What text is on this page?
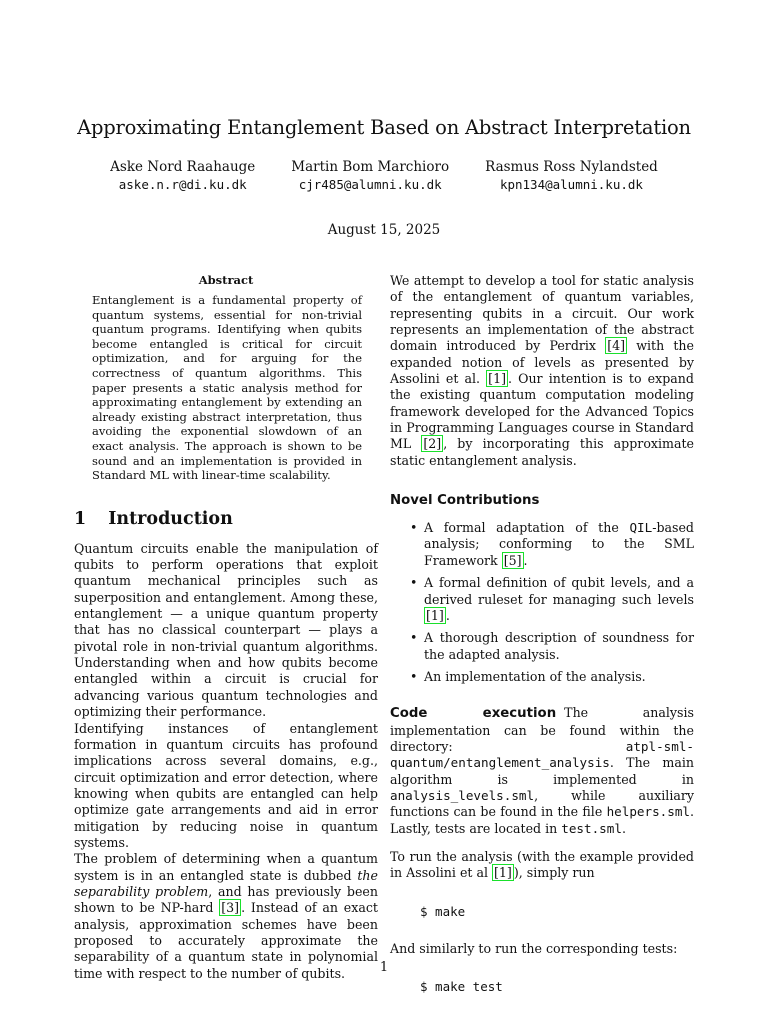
Approximating Entanglement Based on Abstract Interpretation
Aske Nord Raahauge
aske.n.r@di.ku.dk
Martin Bom Marchioro
cjr485@alumni.ku.dk
Rasmus Ross Nylandsted
kpn134@alumni.ku.dk
August 15, 2025
Abstract

Entanglement is a fundamental property of quantum systems, essential for non-trivial quantum programs. Identifying when qubits become entangled is critical for circuit optimization, and for arguing for the correctness of quantum algorithms. This paper presents a static analysis method for approximating entanglement by extending an already existing abstract interpretation, thus avoiding the exponential slowdown of an exact analysis. The approach is shown to be sound and an implementation is provided in Standard ML with linear-time scalability.

1 Introduction

Quantum circuits enable the manipulation of qubits to perform operations that exploit quantum mechanical principles such as superposition and entanglement. Among these, entanglement — a unique quantum property that has no classical counterpart — plays a pivotal role in non-trivial quantum algorithms. Understanding when and how qubits become entangled within a circuit is crucial for advancing various quantum technologies and optimizing their performance.

Identifying instances of entanglement formation in quantum circuits has profound implications across several domains, e.g., circuit optimization and error detection, where knowing when qubits are entangled can help optimize gate arrangements and aid in error mitigation by reducing noise in quantum systems.

The problem of determining when a quantum system is in an entangled state is dubbed the separability problem, and has previously been shown to be NP-hard [3] . Instead of an exact analysis, approximation schemes have been proposed to accurately approximate the separability of a quantum state in polynomial time with respect to the number of qubits.

We attempt to develop a tool for static analysis of the entanglement of quantum variables, representing qubits in a circuit. Our work represents an implementation of the abstract domain introduced by Perdrix [4] with the expanded notion of levels as presented by Assolini et al. [1] . Our intention is to expand the existing quantum computation modeling framework developed for the Advanced Topics in Programming Languages course in Standard ML [2] , by incorporating this approximate static entanglement analysis.

Novel Contributions
• A formal adaptation of the QIL-based analysis; conforming to the SML Framework [5] .
• A formal definition of qubit levels, and a derived ruleset for managing such levels [1] .
• A thorough description of soundness for the adapted analysis.
• An implementation of the analysis.

Code execution The analysis implementation can be found within the directory: atpl-sml-quantum/entanglement_analysis. The main algorithm is implemented in analysis_levels.sml, while auxiliary functions can be found in the file helpers.sml. Lastly, tests are located in test.sml.

To run the analysis (with the example provided in Assolini et al [1] ), simply run

$ make

And similarly to run the corresponding tests:

$ make test
1
